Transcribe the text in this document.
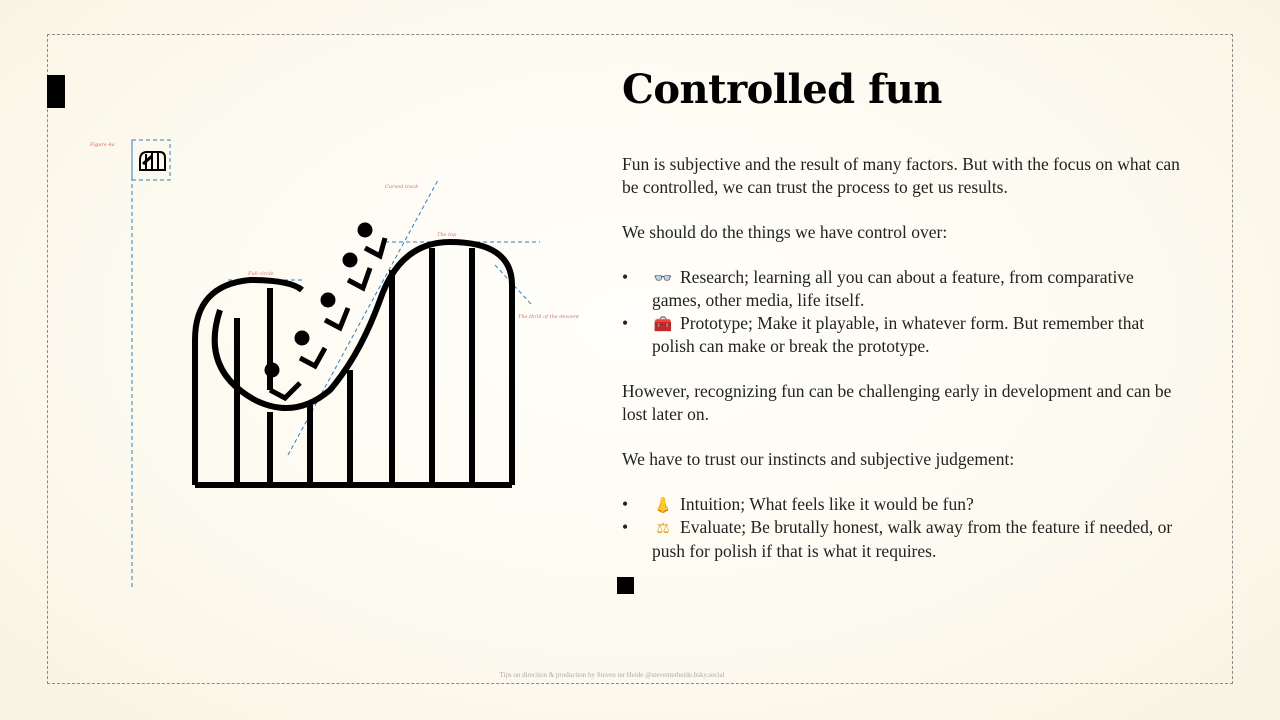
Figure 4a
Curved track
Full circle
The top
The thrill of the descent
Controlled fun

Fun is subjective and the result of many factors. But with the focus on what can be controlled, we can trust the process to get us results.

We should do the things we have control over:

• 👓 Research; learning all you can about a feature, from comparative games, other media, life itself.
• 🧰 Prototype; Make it playable, in whatever form. But remember that polish can make or break the prototype.

However, recognizing fun can be challenging early in development and can be lost later on.

We have to trust our instincts and subjective judgement:

• 👃 Intuition; What feels like it would be fun?
• ⚖ Evaluate; Be brutally honest, walk away from the feature if needed, or push for polish if that is what it requires.
Tips on direction & production by Steven ter Heide @steventerheide.bsky.social
